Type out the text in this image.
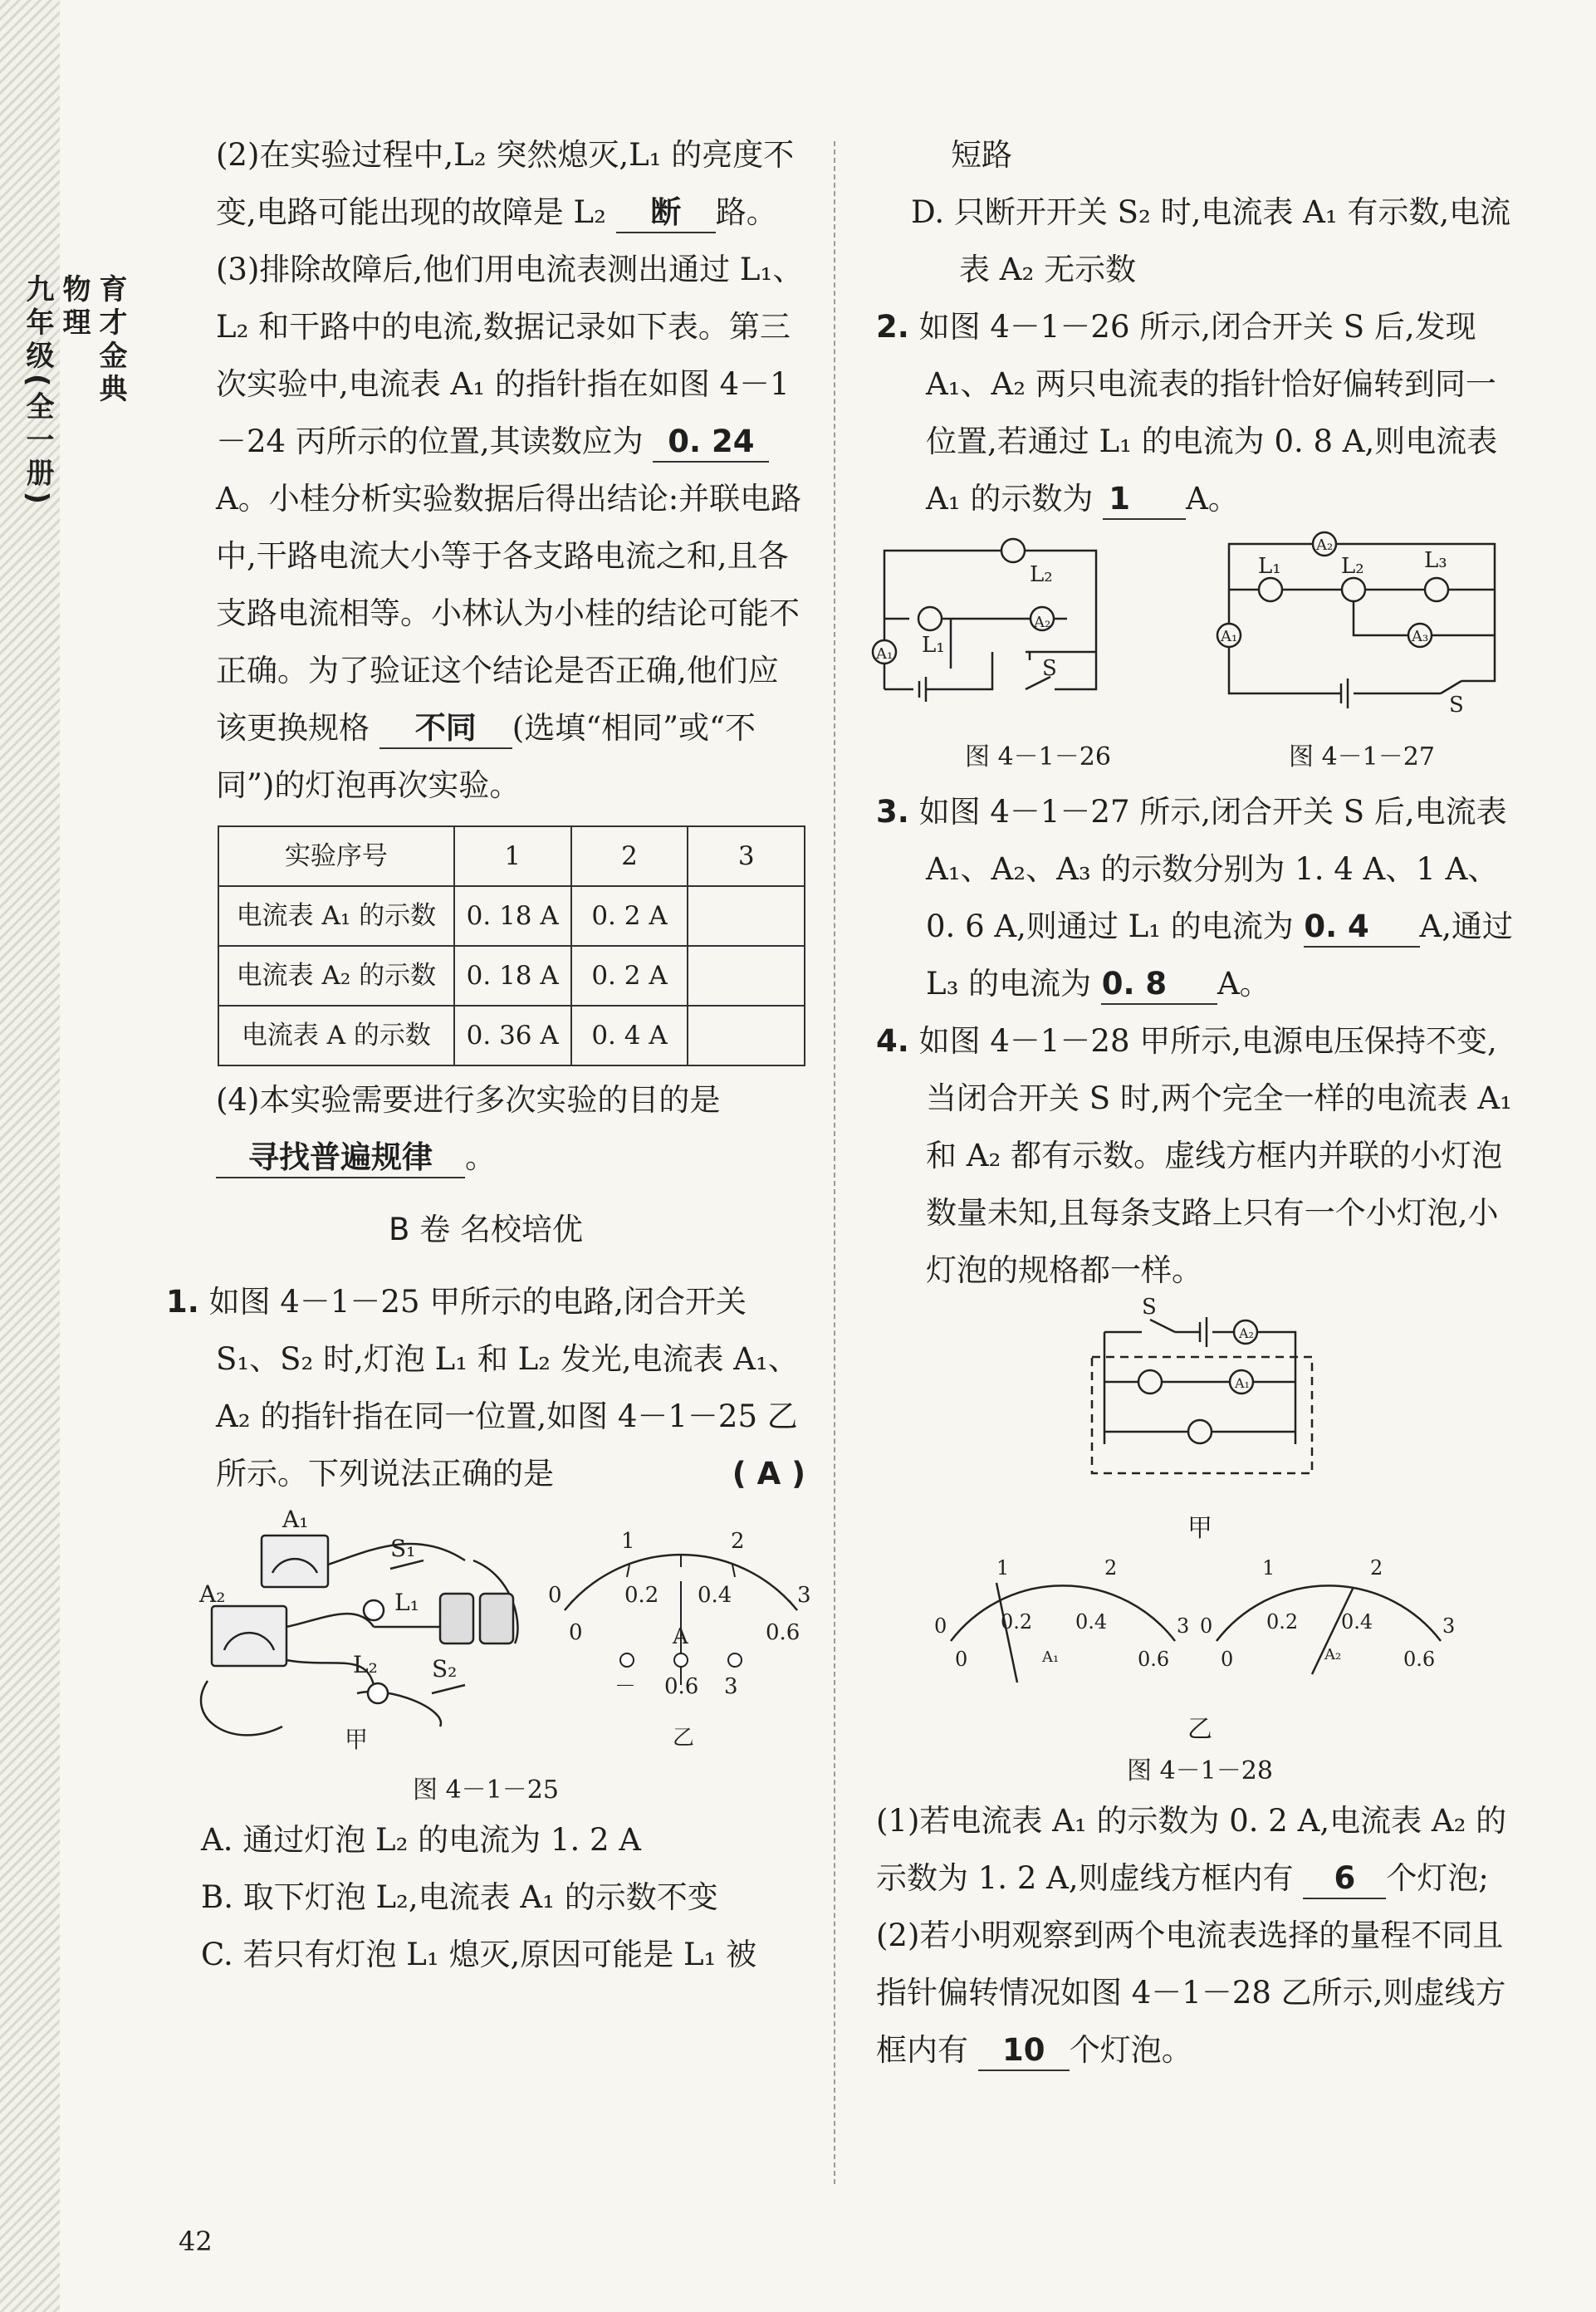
育才金典
物理
九年级(全一册)

(2)在实验过程中,L₂ 突然熄灭,L₁ 的亮度不变,电路可能出现的故障是 L₂ 断 路。

(3)排除故障后,他们用电流表测出通过 L₁、L₂ 和干路中的电流,数据记录如下表。第三次实验中,电流表 A₁ 的指针指在如图 4－1－24 丙所示的位置,其读数应为 0. 24A。小桂分析实验数据后得出结论:并联电路中,干路电流大小等于各支路电流之和,且各支路电流相等。小林认为小桂的结论可能不正确。为了验证这个结论是否正确,他们应该更换规格 不同 (选填“相同”或“不同”)的灯泡再次实验。

实验序号	1	2	3
电流表 A₁ 的示数	0. 18 A	0. 2 A	
电流表 A₂ 的示数	0. 18 A	0. 2 A	
电流表 A 的示数	0. 36 A	0. 4 A	

(4)本实验需要进行多次实验的目的是 寻找普遍规律 。

B 卷 名校培优

1. 如图 4－1－25 甲所示的电路,闭合开关 S₁、S₂ 时,灯泡 L₁ 和 L₂ 发光,电流表 A₁、A₂ 的指针指在同一位置,如图 4－1－25 乙所示。下列说法正确的是	( A )

A₁
A₂
S₁
L₁
L₂ S₂
甲
1	2
0.2 0.4
0	3
0	0.6
A
－ 0.6 3
乙

图 4－1－25

A. 通过灯泡 L₂ 的电流为 1. 2 A

B. 取下灯泡 L₂,电流表 A₁ 的示数不变

C. 若只有灯泡 L₁ 熄灭,原因可能是 L₁ 被

短路

D. 只断开开关 S₂ 时,电流表 A₁ 有示数,电流表 A₂ 无示数

2. 如图 4－1－26 所示,闭合开关 S 后,发现 A₁、A₂ 两只电流表的指针恰好偏转到同一位置,若通过 L₁ 的电流为 0. 8 A,则电流表 A₁ 的示数为 1 A。

L₂
L₁
A₂
A₁
S
L₁	L₂	L₃
A₂
A₃
A₁
S
图 4－1－26	图 4－1－27

3. 如图 4－1－27 所示,闭合开关 S 后,电流表 A₁、A₂、A₃ 的示数分别为 1. 4 A、1 A、0. 6 A,则通过 L₁ 的电流为 0. 4 A,通过 L₃ 的电流为 0. 8 A。

4. 如图 4－1－28 甲所示,电源电压保持不变,当闭合开关 S 时,两个完全一样的电流表 A₁ 和 A₂ 都有示数。虚线方框内并联的小灯泡数量未知,且每条支路上只有一个小灯泡,小灯泡的规格都一样。

S
A₂
A₁

甲

1	2
0.2 0.4
0	3
0	0.6
A₁
1	2
0.2 0.4
0	3
0	0.6
A₂

乙

图 4－1－28

(1)若电流表 A₁ 的示数为 0. 2 A,电流表 A₂ 的示数为 1. 2 A,则虚线方框内有 6 个灯泡;

(2)若小明观察到两个电流表选择的量程不同且指针偏转情况如图 4－1－28 乙所示,则虚线方框内有 10 个灯泡。

42
